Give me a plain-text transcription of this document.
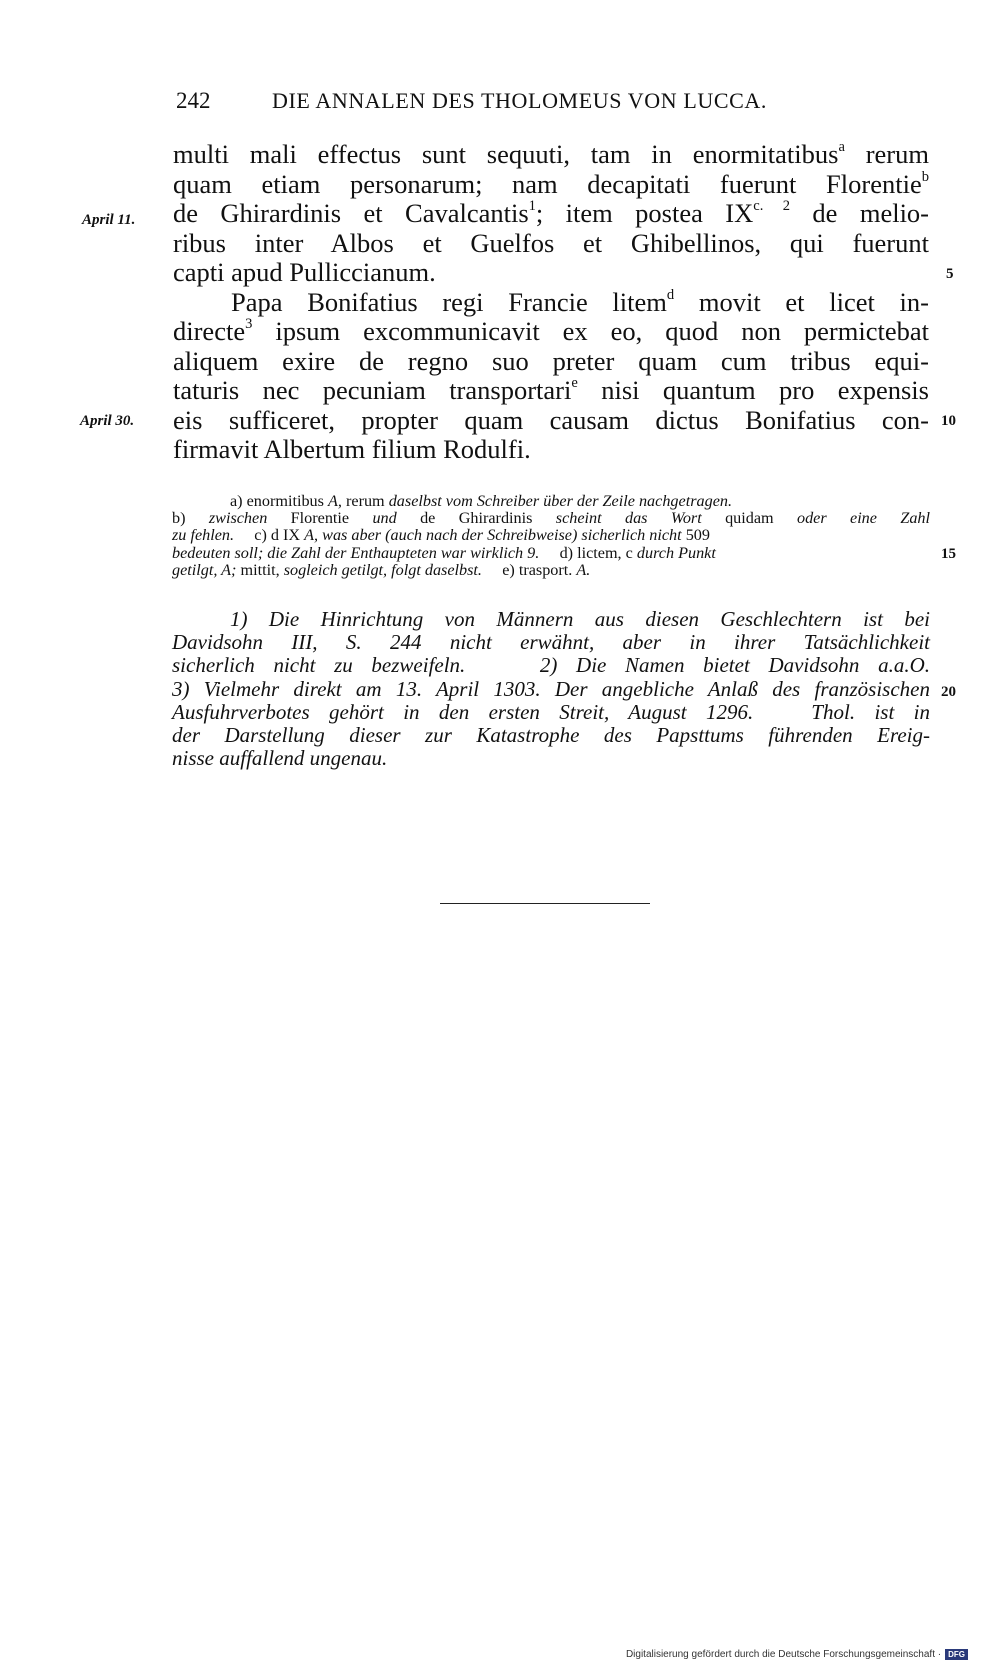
242	DIE ANNALEN DES THOLOMEUS VON LUCCA.
multi mali effectus sunt sequuti, tam in enormitatibus$^a$ rerum
quam etiam personarum; nam decapitati fuerunt Florentie$^b$
de Ghirardinis et Cavalcantis$^1$; item postea $IX^{c. 2}$ de melio-
ribus inter Albos et Guelfos et Ghibellinos, qui fuerunt
capti apud Pulliccianum.
Papa Bonifatius regi Francie litem$^d$ movit et licet in-
directe$^3$ ipsum excommunicavit ex eo, quod non permictebat
aliquem exire de regno suo preter quam cum tribus equi-
taturis nec pecuniam transportari$^e$ nisi quantum pro expensis
eis sufficeret, propter quam causam dictus Bonifatius con-
firmavit Albertum filium Rodulfi.
April 11.
April 30.
5
10
15
20
a) enormitibus A, rerum daselbst vom Schreiber über der Zeile nachgetragen.
b) zwischen Florentie und de Ghirardinis scheint das Wort quidam oder eine Zahl
zu fehlen.     c) d IX A, was aber (auch nach der Schreibweise) sicherlich nicht 509
bedeuten soll; die Zahl der Enthaupteten war wirklich 9.     d) lictem, c durch Punkt
getilgt, A; mittit, sogleich getilgt, folgt daselbst.     e) trasport. A.
1) Die Hinrichtung von Männern aus diesen Geschlechtern ist bei
Davidsohn III, S. 244 nicht erwähnt, aber in ihrer Tatsächlichkeit
sicherlich nicht zu bezweifeln.    2) Die Namen bietet Davidsohn a.a.O.
3) Vielmehr direkt am 13. April 1303. Der angebliche Anlaß des französischen
Ausfuhrverbotes gehört in den ersten Streit, August 1296.   Thol. ist in
der Darstellung dieser zur Katastrophe des Papsttums führenden Ereig-
nisse auffallend ungenau.
Digitalisierung gefördert durch die Deutsche Forschungsgemeinschaft · DFG
